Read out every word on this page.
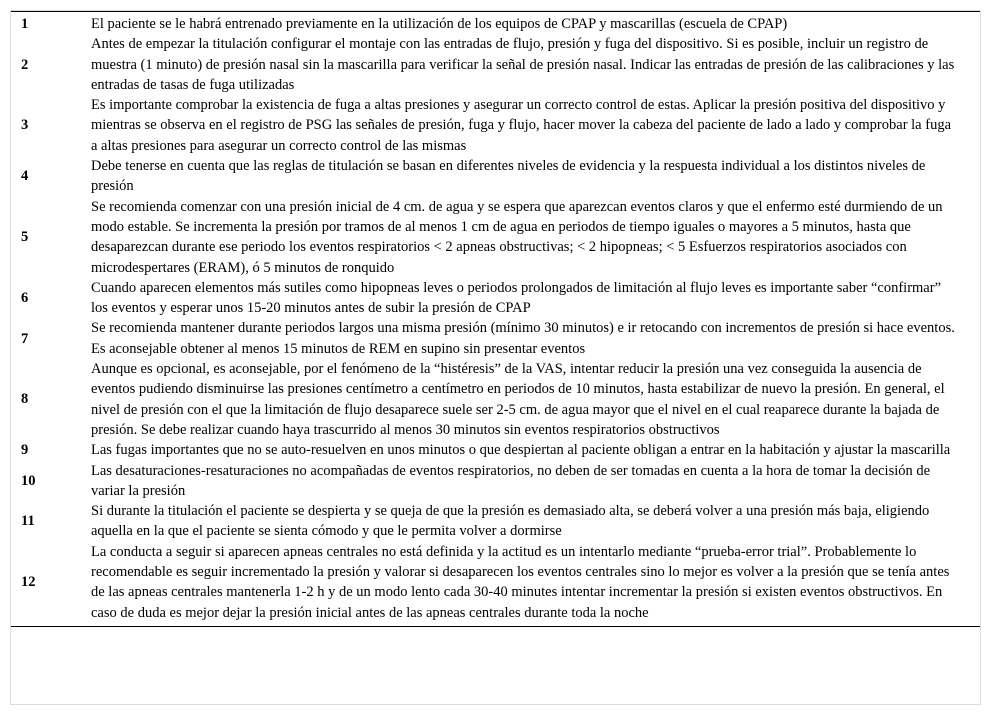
1	El paciente se le habrá entrenado previamente en la utilización de los equipos de CPAP y mascarillas (escuela de CPAP)
2	Antes de empezar la titulación configurar el montaje con las entradas de flujo, presión y fuga del dispositivo. Si es posible, incluir un registro de muestra (1 minuto) de presión nasal sin la mascarilla para verificar la señal de presión nasal. Indicar las entradas de presión de las calibraciones y las entradas de tasas de fuga utilizadas
3	Es importante comprobar la existencia de fuga a altas presiones y asegurar un correcto control de estas. Aplicar la presión positiva del dispositivo y mientras se observa en el registro de PSG las señales de presión, fuga y flujo, hacer mover la cabeza del paciente de lado a lado y comprobar la fuga a altas presiones para asegurar un correcto control de las mismas
4	Debe tenerse en cuenta que las reglas de titulación se basan en diferentes niveles de evidencia y la respuesta individual a los distintos niveles de presión
5	Se recomienda comenzar con una presión inicial de 4 cm. de agua y se espera que aparezcan eventos claros y que el enfermo esté durmiendo de un modo estable. Se incrementa la presión por tramos de al menos 1 cm de agua en periodos de tiempo iguales o mayores a 5 minutos, hasta que desaparezcan durante ese periodo los eventos respiratorios < 2 apneas obstructivas; < 2 hipopneas; < 5 Esfuerzos respiratorios asociados con microdespertares (ERAM), ó 5 minutos de ronquido
6	Cuando aparecen elementos más sutiles como hipopneas leves o periodos prolongados de limitación al flujo leves es importante saber “confirmar” los eventos y esperar unos 15-20 minutos antes de subir la presión de CPAP
7	Se recomienda mantener durante periodos largos una misma presión (mínimo 30 minutos) e ir retocando con incrementos de presión si hace eventos. Es aconsejable obtener al menos 15 minutos de REM en supino sin presentar eventos
8	Aunque es opcional, es aconsejable, por el fenómeno de la “histéresis” de la VAS, intentar reducir la presión una vez conseguida la ausencia de eventos pudiendo disminuirse las presiones centímetro a centímetro en periodos de 10 minutos, hasta estabilizar de nuevo la presión. En general, el nivel de presión con el que la limitación de flujo desaparece suele ser 2-5 cm. de agua mayor que el nivel en el cual reaparece durante la bajada de presión. Se debe realizar cuando haya trascurrido al menos 30 minutos sin eventos respiratorios obstructivos
9	Las fugas importantes que no se auto-resuelven en unos minutos o que despiertan al paciente obligan a entrar en la habitación y ajustar la mascarilla
10	Las desaturaciones-resaturaciones no acompañadas de eventos respiratorios, no deben de ser tomadas en cuenta a la hora de tomar la decisión de variar la presión
11	Si durante la titulación el paciente se despierta y se queja de que la presión es demasiado alta, se deberá volver a una presión más baja, eligiendo aquella en la que el paciente se sienta cómodo y que le permita volver a dormirse
12	La conducta a seguir si aparecen apneas centrales no está definida y la actitud es un intentarlo mediante “prueba-error trial”. Probablemente lo recomendable es seguir incrementado la presión y valorar si desaparecen los eventos centrales sino lo mejor es volver a la presión que se tenía antes de las apneas centrales mantenerla 1-2 h y de un modo lento cada 30-40 minutes intentar incrementar la presión si existen eventos obstructivos. En caso de duda es mejor dejar la presión inicial antes de las apneas centrales durante toda la noche
